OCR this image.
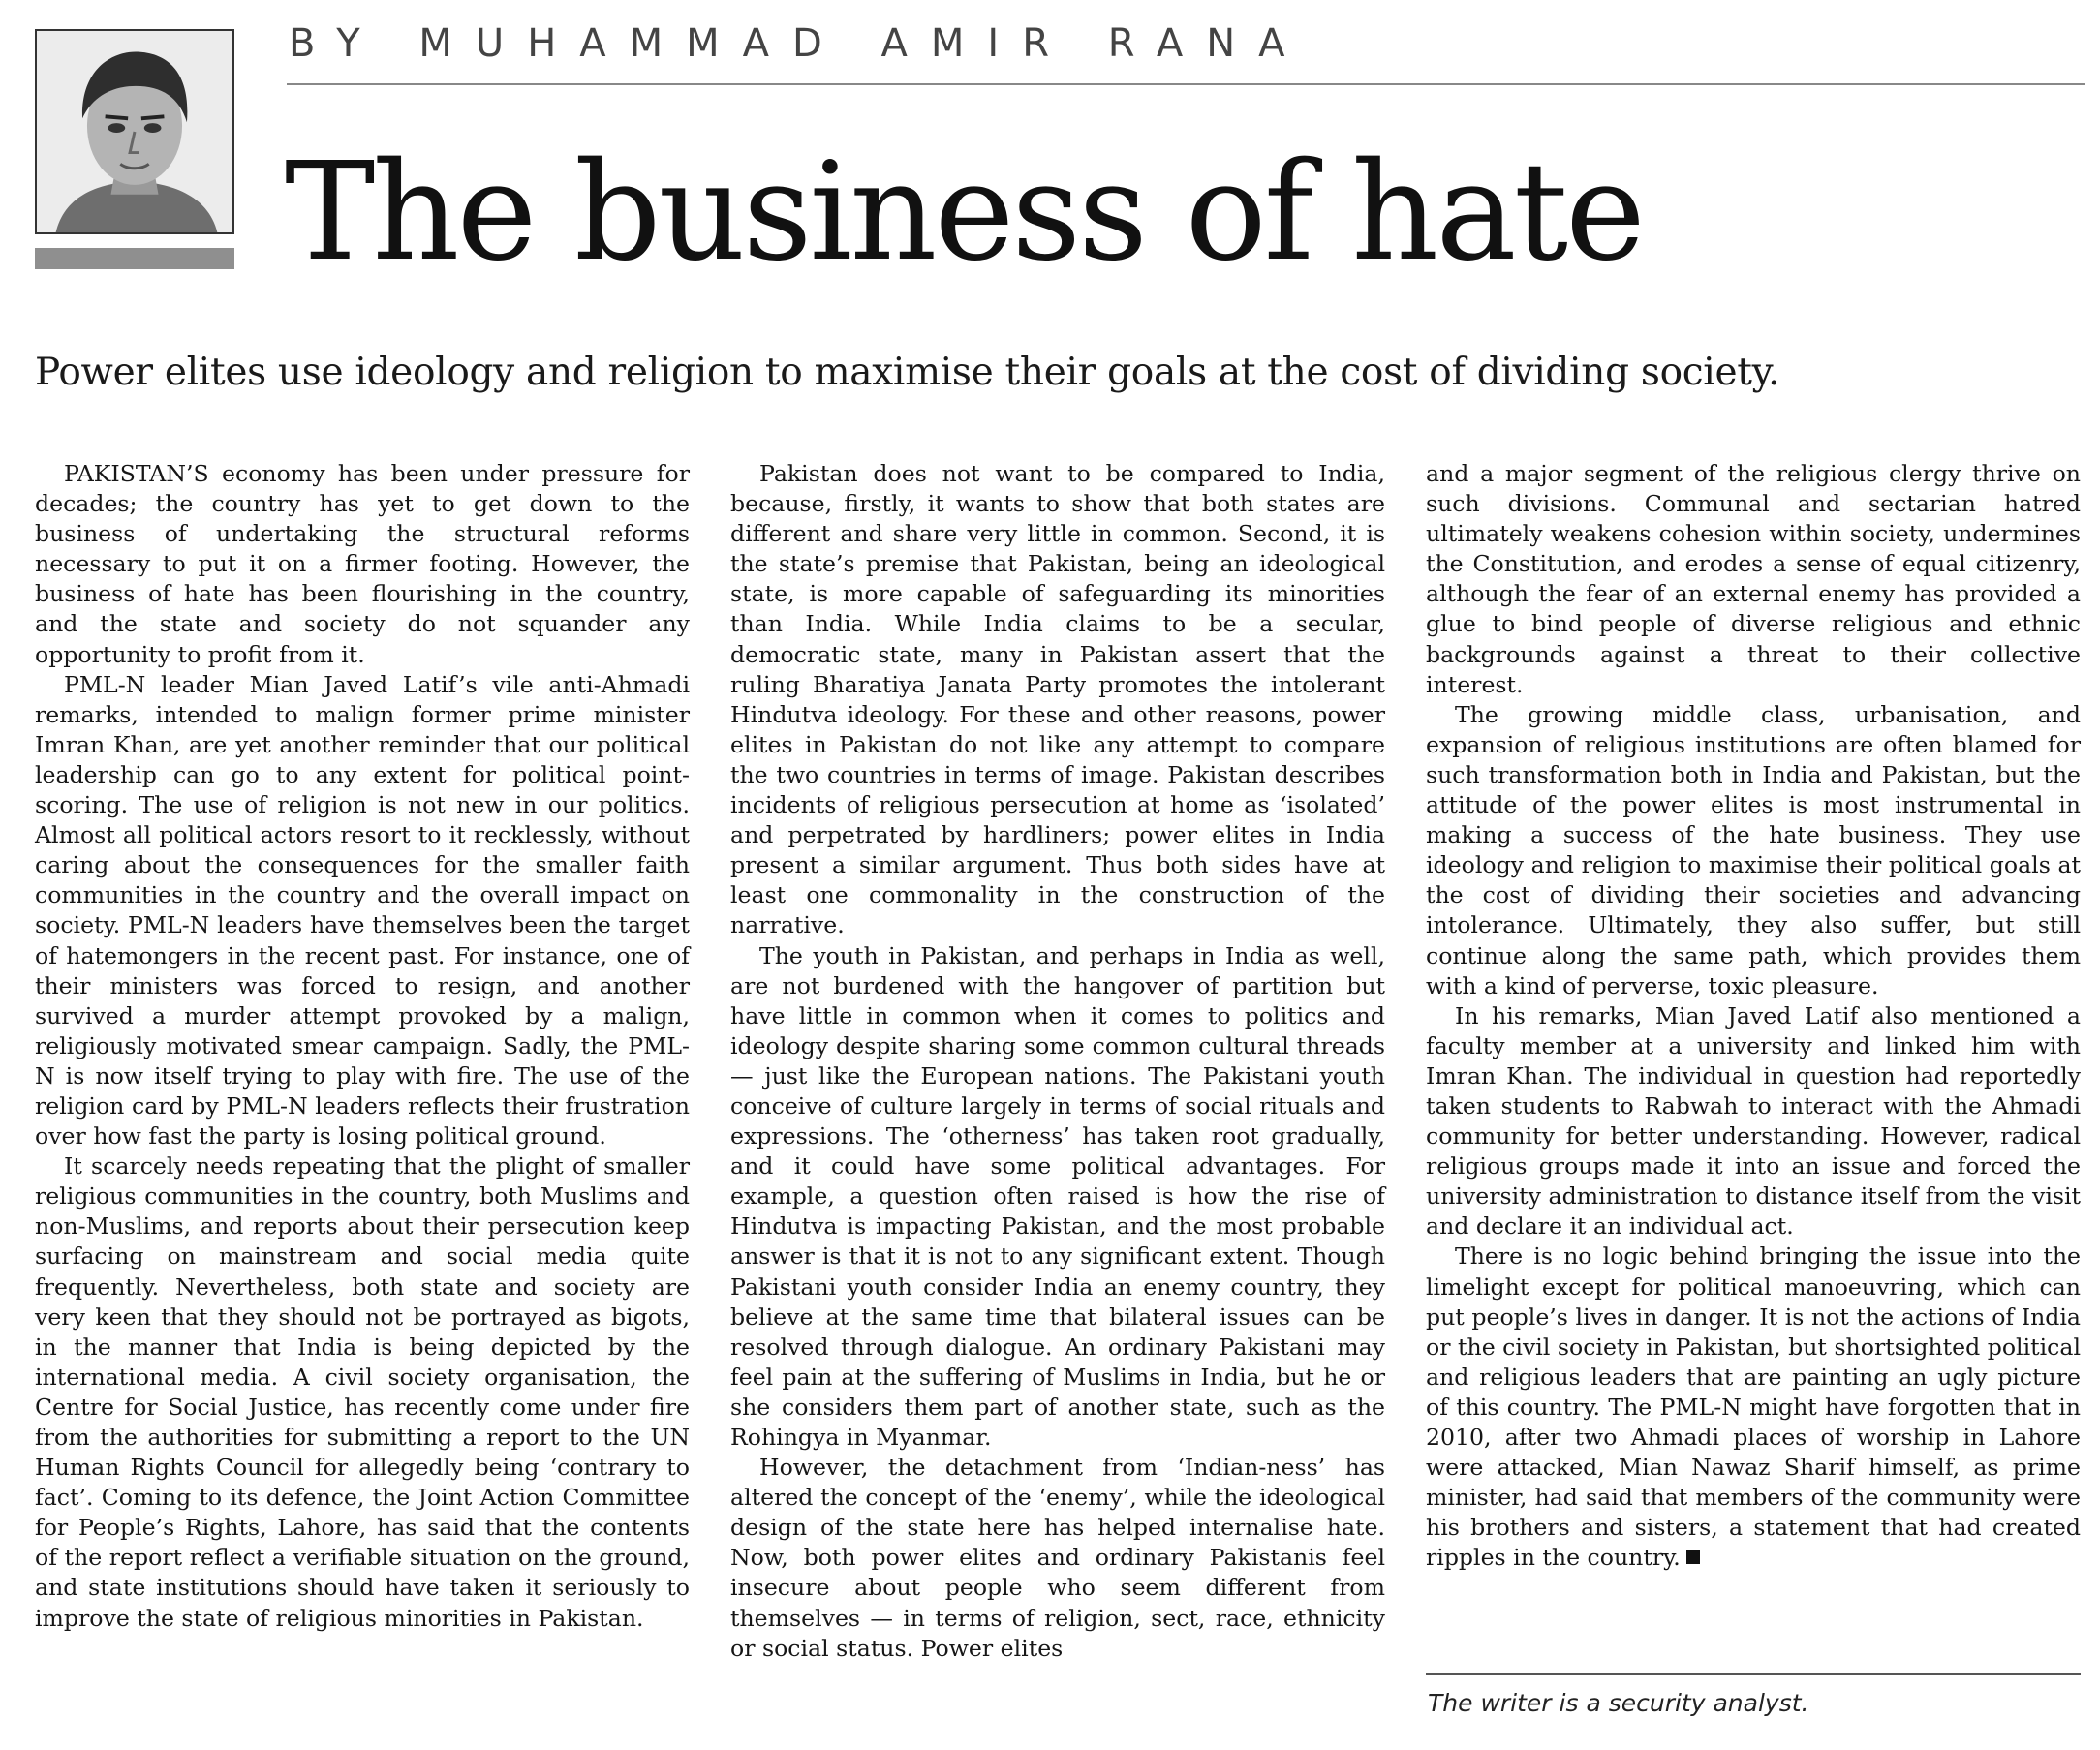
BY MUHAMMAD AMIR RANA
The business of hate

Power elites use ideology and religion to maximise their goals at the cost of dividing society.

PAKISTAN’S economy has been under pressure for decades; the country has yet to get down to the business of undertaking the structural reforms necessary to put it on a firmer footing. However, the business of hate has been flourishing in the country, and the state and society do not squander any opportunity to profit from it.

PML-N leader Mian Javed Latif’s vile anti-Ahmadi remarks, intended to malign former prime minister Imran Khan, are yet another reminder that our political leadership can go to any extent for political point-scoring. The use of religion is not new in our politics. Almost all political actors resort to it recklessly, without caring about the consequences for the smaller faith communities in the country and the overall impact on society. PML-N leaders have themselves been the target of hatemongers in the recent past. For instance, one of their ministers was forced to resign, and another survived a murder attempt provoked by a malign, religiously motivated smear campaign. Sadly, the PML-N is now itself trying to play with fire. The use of the religion card by PML-N leaders reflects their frustration over how fast the party is losing political ground.

It scarcely needs repeating that the plight of smaller religious communities in the country, both Muslims and non-Muslims, and reports about their persecution keep surfacing on mainstream and social media quite frequently. Nevertheless, both state and society are very keen that they should not be portrayed as bigots, in the manner that India is being depicted by the international media. A civil society organisation, the Centre for Social Justice, has recently come under fire from the authorities for submitting a report to the UN Human Rights Council for allegedly being ‘contrary to fact’. Coming to its defence, the Joint Action Committee for People’s Rights, Lahore, has said that the contents of the report reflect a verifiable situation on the ground, and state institutions should have taken it seriously to improve the state of religious minorities in Pakistan.

Pakistan does not want to be compared to India, because, firstly, it wants to show that both states are different and share very little in common. Second, it is the state’s premise that Pakistan, being an ideological state, is more capable of safeguarding its minorities than India. While India claims to be a secular, democratic state, many in Pakistan assert that the ruling Bharatiya Janata Party promotes the intolerant Hindutva ideology. For these and other reasons, power elites in Pakistan do not like any attempt to compare the two countries in terms of image. Pakistan describes incidents of religious persecution at home as ‘isolated’ and perpetrated by hardliners; power elites in India present a similar argument. Thus both sides have at least one commonality in the construction of the narrative.

The youth in Pakistan, and perhaps in India as well, are not burdened with the hangover of partition but have little in common when it comes to politics and ideology despite sharing some common cultural threads — just like the European nations. The Pakistani youth conceive of culture largely in terms of social rituals and expressions. The ‘otherness’ has taken root gradually, and it could have some political advantages. For example, a question often raised is how the rise of Hindutva is impacting Pakistan, and the most probable answer is that it is not to any significant extent. Though Pakistani youth consider India an enemy country, they believe at the same time that bilateral issues can be resolved through dialogue. An ordinary Pakistani may feel pain at the suffering of Muslims in India, but he or she considers them part of another state, such as the Rohingya in Myanmar.

However, the detachment from ‘Indian-ness’ has altered the concept of the ‘enemy’, while the ideological design of the state here has helped internalise hate. Now, both power elites and ordinary Pakistanis feel insecure about people who seem different from themselves — in terms of religion, sect, race, ethnicity or social status. Power elites

and a major segment of the religious clergy thrive on such divisions. Communal and sectarian hatred ultimately weakens cohesion within society, undermines the Constitution, and erodes a sense of equal citizenry, although the fear of an external enemy has provided a glue to bind people of diverse religious and ethnic backgrounds against a threat to their collective interest.

The growing middle class, urbanisation, and expansion of religious institutions are often blamed for such transformation both in India and Pakistan, but the attitude of the power elites is most instrumental in making a success of the hate business. They use ideology and religion to maximise their political goals at the cost of dividing their societies and advancing intolerance. Ultimately, they also suffer, but still continue along the same path, which provides them with a kind of perverse, toxic pleasure.

In his remarks, Mian Javed Latif also mentioned a faculty member at a university and linked him with Imran Khan. The individual in question had reportedly taken students to Rabwah to interact with the Ahmadi community for better understanding. However, radical religious groups made it into an issue and forced the university administration to distance itself from the visit and declare it an individual act.

There is no logic behind bringing the issue into the limelight except for political manoeuvring, which can put people’s lives in danger. It is not the actions of India or the civil society in Pakistan, but shortsighted political and religious leaders that are painting an ugly picture of this country. The PML-N might have forgotten that in 2010, after two Ahmadi places of worship in Lahore were attacked, Mian Nawaz Sharif himself, as prime minister, had said that members of the community were his brothers and sisters, a statement that had created ripples in the country.

The writer is a security analyst.
